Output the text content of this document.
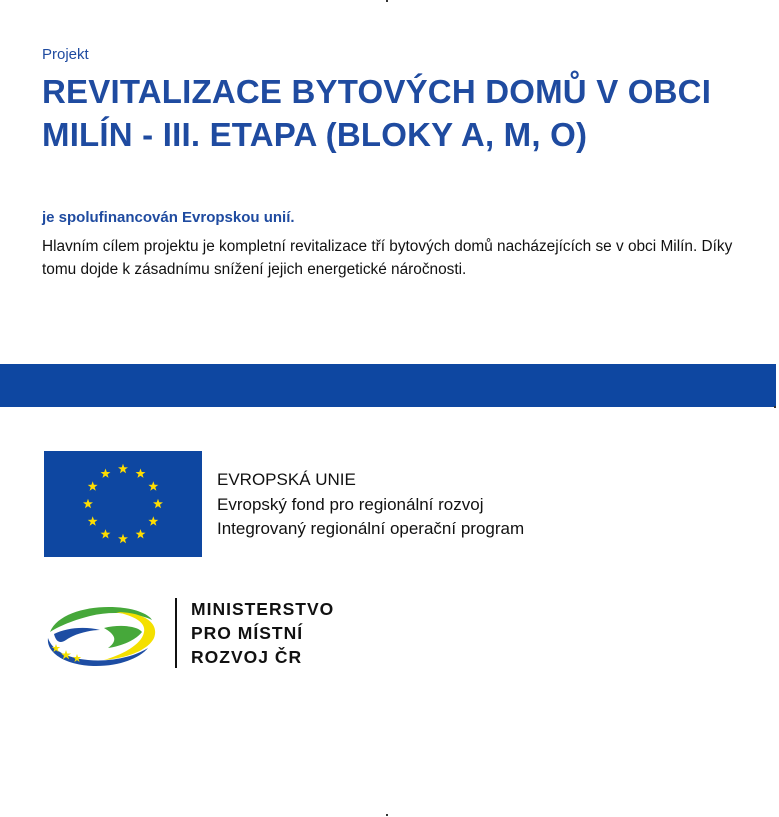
Projekt
REVITALIZACE BYTOVÝCH DOMŮ V OBCI MILÍN - III. ETAPA (BLOKY A, M, O)
je spolufinancován Evropskou unií.
Hlavním cílem projektu je kompletní revitalizace tří bytových domů nacházejících se v obci Milín. Díky tomu dojde k zásadnímu snížení jejich energetické náročnosti.
EVROPSKÁ UNIE
Evropský fond pro regionální rozvoj
Integrovaný regionální operační program
MINISTERSTVO
PRO MÍSTNÍ
ROZVOJ ČR
